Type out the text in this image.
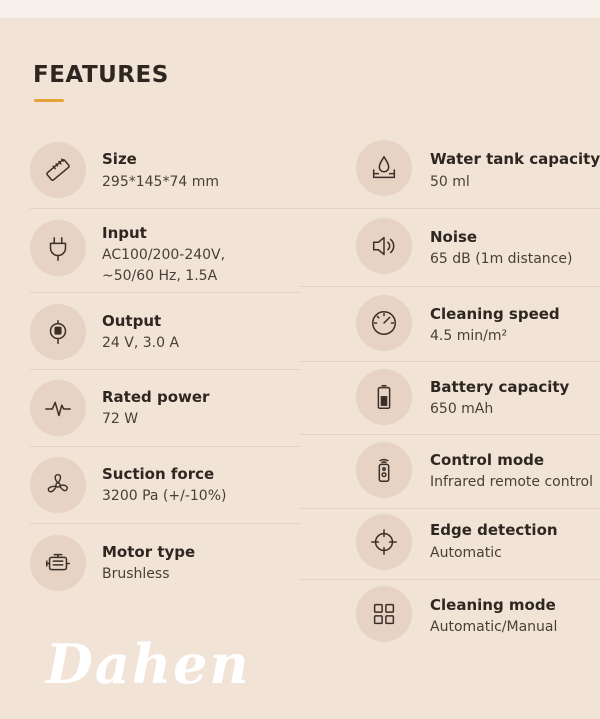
FEATURES
Size
295*145*74 mm
Input
AC100/200-240V,
~50/60 Hz, 1.5A
Output
24 V, 3.0 A
Rated power
72 W
Suction force
3200 Pa (+/-10%)
Motor type
Brushless
Water tank capacity
50 ml
Noise
65 dB (1m distance)
Cleaning speed
4.5 min/m²
Battery capacity
650 mAh
Control mode
Infrared remote control
Edge detection
Automatic
Cleaning mode
Automatic/Manual
Dahen
